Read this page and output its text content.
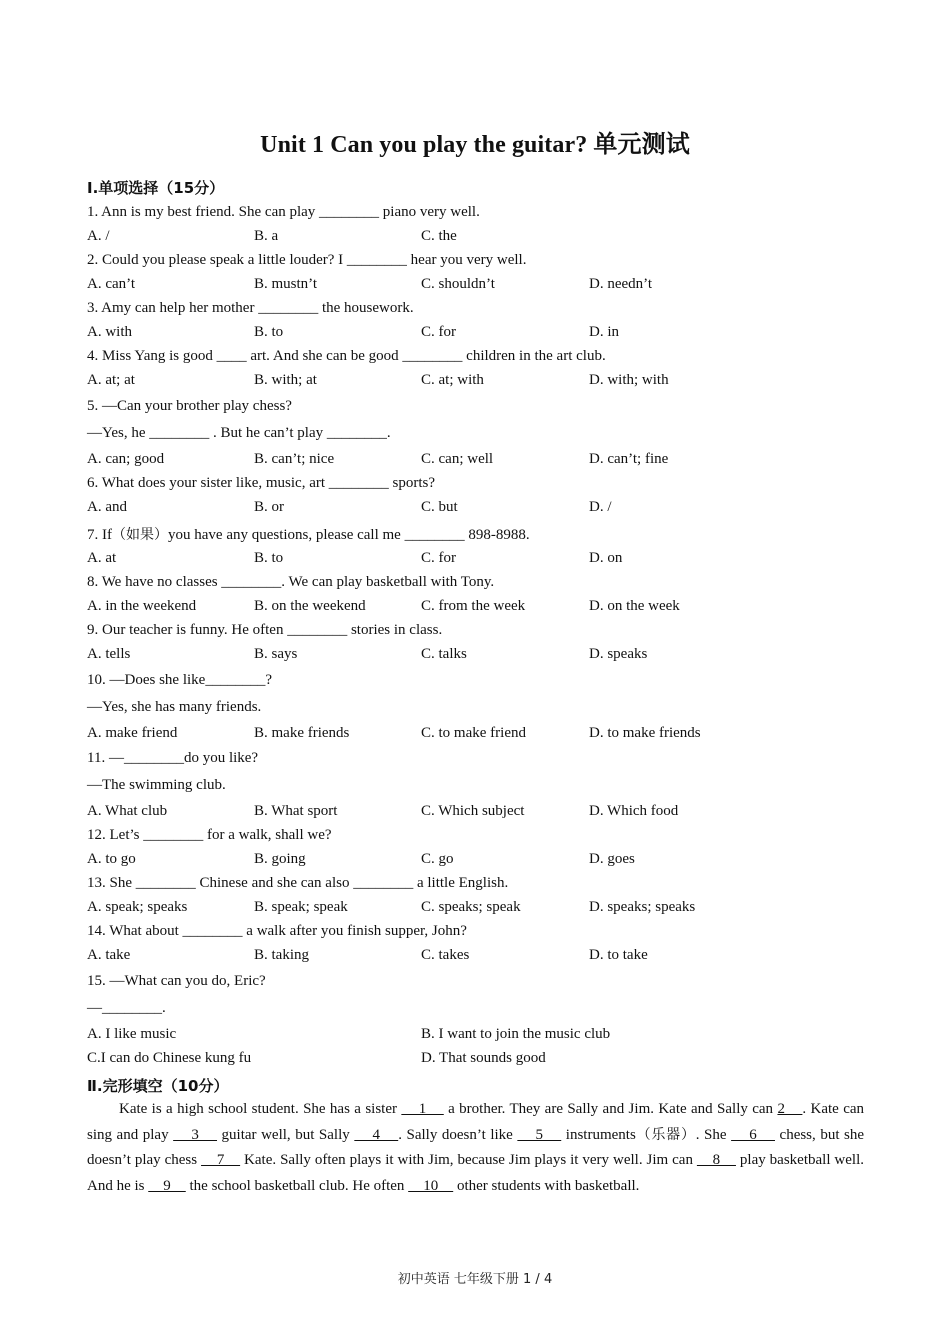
Unit 1 Can you play the guitar? 单元测试
I.单项选择（15分）
1. Ann is my best friend. She can play ________ piano very well.
A. /	B. a	C. the
2. Could you please speak a little louder? I ________ hear you very well.
A. can’t	B. mustn’t	C. shouldn’t	D. needn’t
3. Amy can help her mother ________ the housework.
A. with	B. to	C. for	D. in
4. Miss Yang is good ____ art. And she can be good ________ children in the art club.
A. at; at	B. with; at	C. at; with	D. with; with
5. —Can your brother play chess?
—Yes, he ________ . But he can’t play ________.
A. can; good	B. can’t; nice	C. can; well	D. can’t; fine
6. What does your sister like, music, art ________ sports?
A. and	B. or	C. but	D. /
7. If（如果）you have any questions, please call me ________ 898-8988.
A. at	B. to	C. for	D. on
8. We have no classes ________. We can play basketball with Tony.
A. in the weekend	B. on the weekend	C. from the week	D. on the week
9. Our teacher is funny. He often ________ stories in class.
A. tells	B. says	C. talks	D. speaks
10. —Does she like________?
—Yes, she has many friends.
A. make friend	B. make friends	C. to make friend	D. to make friends
11. —________do you like?
—The swimming club.
A. What club	B. What sport	C. Which subject	D. Which food
12. Let’s ________ for a walk, shall we?
A. to go	B. going	C. go	D. goes
13. She ________ Chinese and she can also ________ a little English.
A. speak; speaks	B. speak; speak	C. speaks; speak	D. speaks; speaks
14. What about ________ a walk after you finish supper, John?
A. take	B. taking	C. takes	D. to take
15. —What can you do, Eric?
—________.
A. I like music	B. I want to join the music club
C.I can do Chinese kung fu	D. That sounds good
Ⅱ.完形填空（10分）
Kate is a high school student. She has a sister     1     a brother. They are Sally and Jim. Kate and Sally can 2    . Kate can sing and play     3     guitar well, but Sally     4    . Sally doesn’t like     5     instruments（乐器）. She     6     chess, but she doesn’t play chess     7     Kate. Sally often plays it with Jim, because Jim plays it very well. Jim can     8     play basketball well. And he is     9     the school basketball club. He often     10     other students with basketball.
初中英语 七年级下册 1 / 4
